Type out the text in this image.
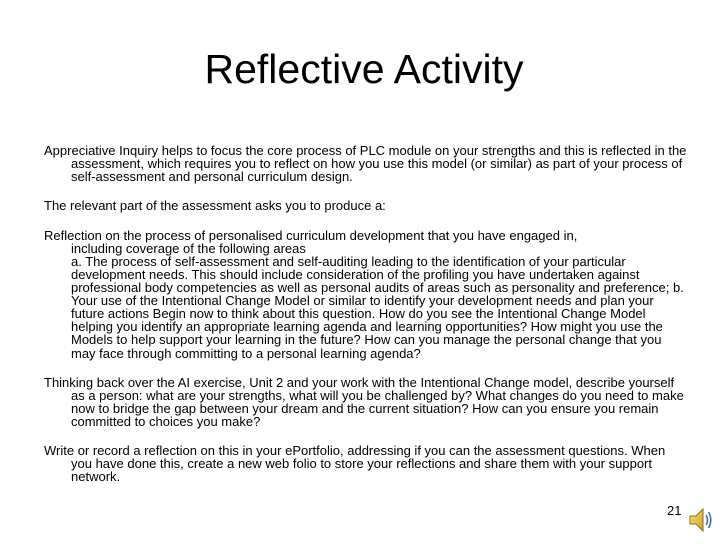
Reflective Activity

Appreciative Inquiry helps to focus the core process of PLC module on your strengths and this is reflected in the assessment, which requires you to reflect on how you use this model (or similar) as part of your process of self-assessment and personal curriculum design.

The relevant part of the assessment asks you to produce a:

Reflection on the process of personalised curriculum development that you have engaged in,
including coverage of the following areas
a. The process of self-assessment and self-auditing leading to the identification of your particular development needs. This should include consideration of the profiling you have undertaken against professional body competencies as well as personal audits of areas such as personality and preference; b. Your use of the Intentional Change Model or similar to identify your development needs and plan your future actions Begin now to think about this question. How do you see the Intentional Change Model helping you identify an appropriate learning agenda and learning opportunities? How might you use the Models to help support your learning in the future? How can you manage the personal change that you may face through committing to a personal learning agenda?

Thinking back over the AI exercise, Unit 2 and your work with the Intentional Change model, describe yourself as a person: what are your strengths, what will you be challenged by? What changes do you need to make now to bridge the gap between your dream and the current situation? How can you ensure you remain committed to choices you make?

Write or record a reflection on this in your ePortfolio, addressing if you can the assessment questions. When you have done this, create a new web folio to store your reflections and share them with your support network.

21
